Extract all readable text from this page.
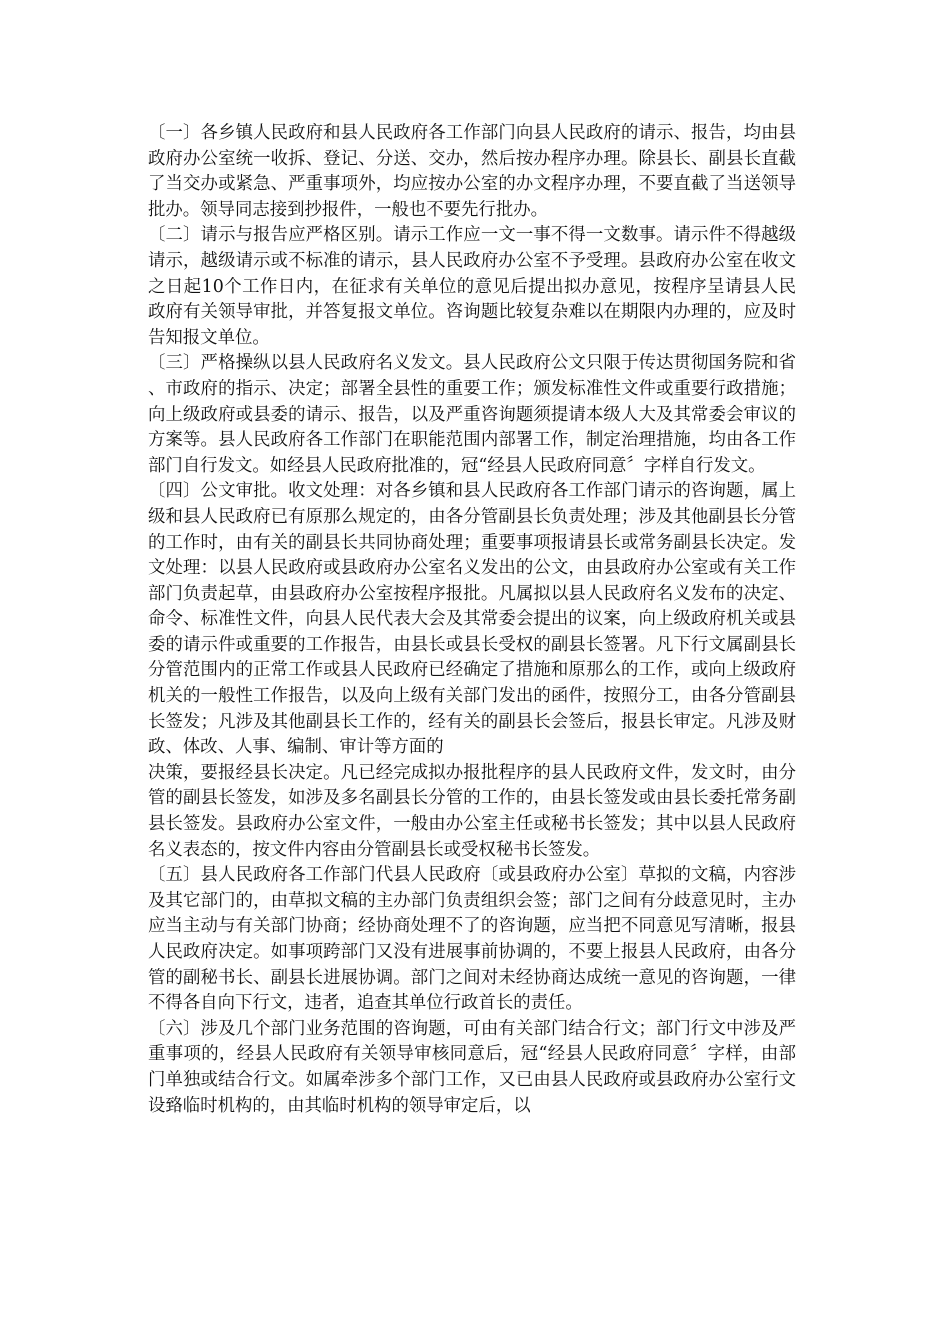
〔一〕各乡镇人民政府和县人民政府各工作部门向县人民政府的请示、报告，均由县政府办公室统一收拆、登记、分送、交办，然后按办程序办理。除县长、副县长直截了当交办或紧急、严重事项外，均应按办公室的办文程序办理，不要直截了当送领导批办。领导同志接到抄报件，一般也不要先行批办。

〔二〕请示与报告应严格区别。请示工作应一文一事不得一文数事。请示件不得越级请示，越级请示或不标准的请示，县人民政府办公室不予受理。县政府办公室在收文之日起10个工作日内，在征求有关单位的意见后提出拟办意见，按程序呈请县人民政府有关领导审批，并答复报文单位。咨询题比较复杂难以在期限内办理的，应及时告知报文单位。

〔三〕严格操纵以县人民政府名义发文。县人民政府公文只限于传达贯彻国务院和省、市政府的指示、决定；部署全县性的重要工作；颁发标准性文件或重要行政措施；向上级政府或县委的请示、报告，以及严重咨询题须提请本级人大及其常委会审议的方案等。县人民政府各工作部门在职能范围内部署工作，制定治理措施，均由各工作部门自行发文。如经县人民政府批准的，冠“经县人民政府同意〞字样自行发文。

〔四〕公文审批。收文处理：对各乡镇和县人民政府各工作部门请示的咨询题，属上级和县人民政府已有原那么规定的，由各分管副县长负责处理；涉及其他副县长分管的工作时，由有关的副县长共同协商处理；重要事项报请县长或常务副县长决定。发文处理：以县人民政府或县政府办公室名义发出的公文，由县政府办公室或有关工作部门负责起草，由县政府办公室按程序报批。凡属拟以县人民政府名义发布的决定、命令、标准性文件，向县人民代表大会及其常委会提出的议案，向上级政府机关或县委的请示件或重要的工作报告，由县长或县长受权的副县长签署。凡下行文属副县长分管范围内的正常工作或县人民政府已经确定了措施和原那么的工作，或向上级政府机关的一般性工作报告，以及向上级有关部门发出的函件，按照分工，由各分管副县长签发；凡涉及其他副县长工作的，经有关的副县长会签后，报县长审定。凡涉及财政、体改、人事、编制、审计等方面的

决策，要报经县长决定。凡已经完成拟办报批程序的县人民政府文件，发文时，由分管的副县长签发，如涉及多名副县长分管的工作的，由县长签发或由县长委托常务副县长签发。县政府办公室文件，一般由办公室主任或秘书长签发；其中以县人民政府名义表态的，按文件内容由分管副县长或受权秘书长签发。

〔五〕县人民政府各工作部门代县人民政府〔或县政府办公室〕草拟的文稿，内容涉及其它部门的，由草拟文稿的主办部门负责组织会签；部门之间有分歧意见时，主办应当主动与有关部门协商；经协商处理不了的咨询题，应当把不同意见写清晰，报县人民政府决定。如事项跨部门又没有进展事前协调的，不要上报县人民政府，由各分管的副秘书长、副县长进展协调。部门之间对未经协商达成统一意见的咨询题，一律不得各自向下行文，违者，追查其单位行政首长的责任。

〔六〕涉及几个部门业务范围的咨询题，可由有关部门结合行文；部门行文中涉及严重事项的，经县人民政府有关领导审核同意后，冠“经县人民政府同意〞字样，由部门单独或结合行文。如属牵涉多个部门工作，又已由县人民政府或县政府办公室行文设臵临时机构的，由其临时机构的领导审定后，以
